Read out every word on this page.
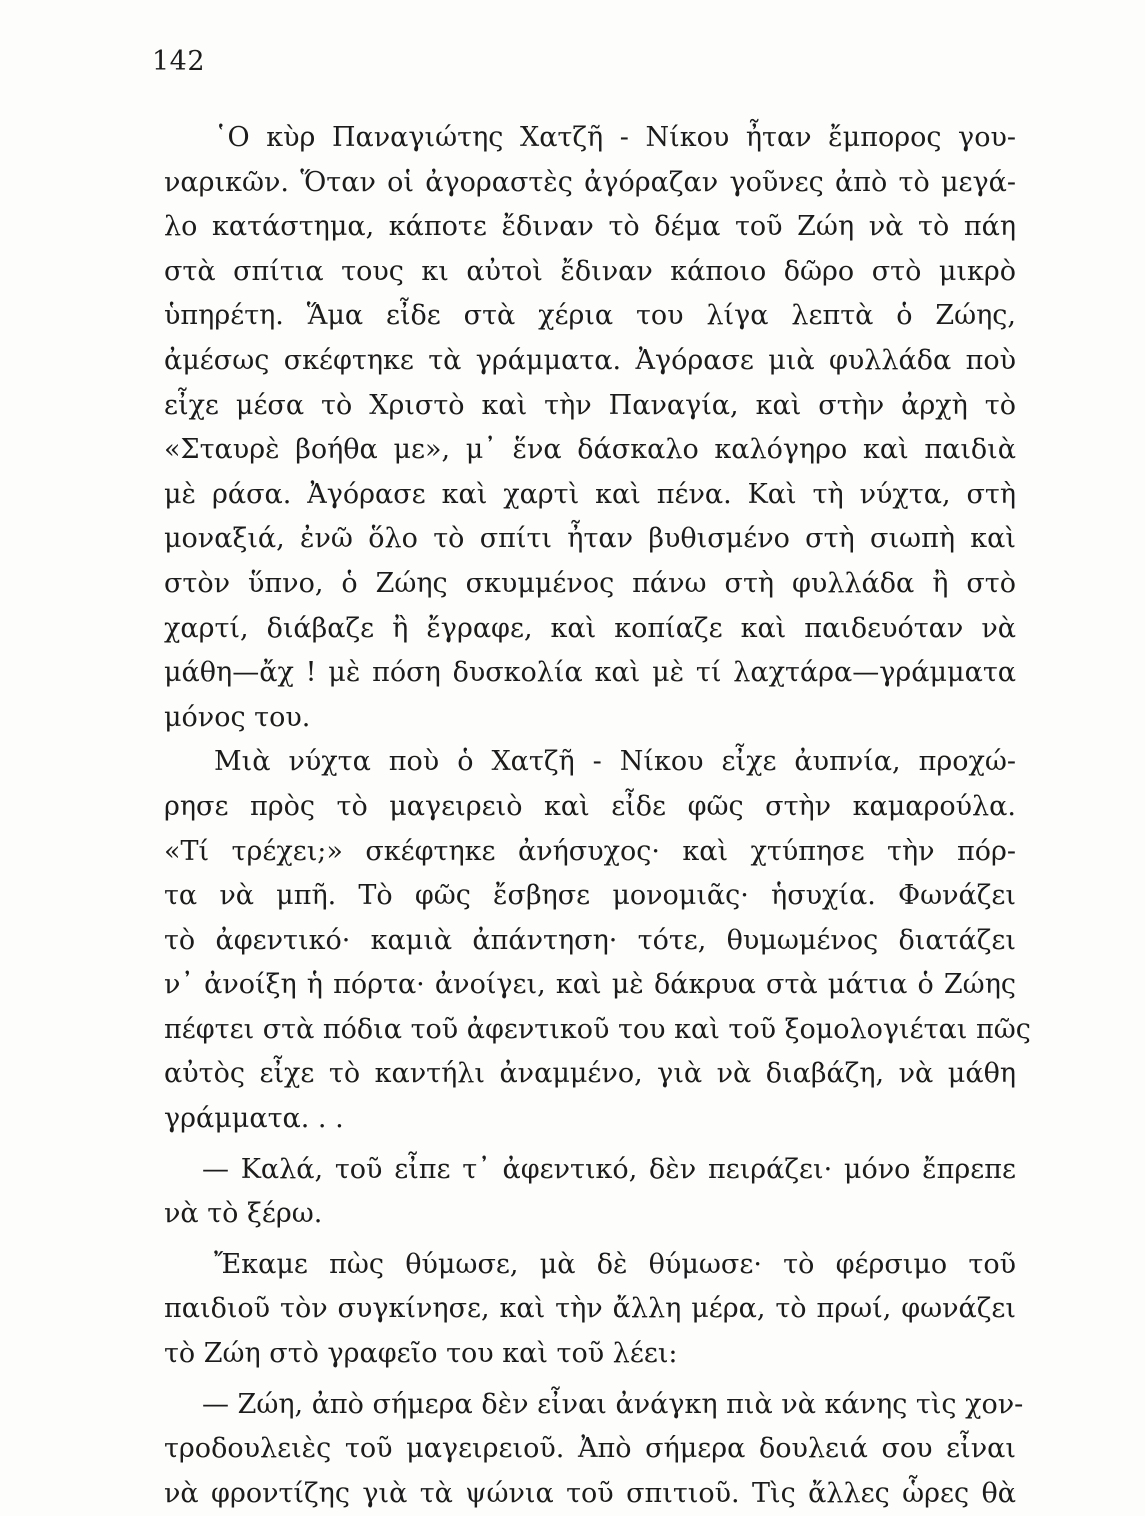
142
῾Ο κὺρ Παναγιώτης Χατζῆ - Νίκου ἦταν ἔμπορος γου-
ναρικῶν. Ὅταν οἱ ἀγοραστὲς ἀγόραζαν γοῦνες ἀπὸ τὸ μεγά-
λο κατάστημα, κάποτε ἔδιναν τὸ δέμα τοῦ Ζώη νὰ τὸ πάη
στὰ σπίτια τους κι αὐτοὶ ἔδιναν κάποιο δῶρο στὸ μικρὸ
ὑπηρέτη. Ἅμα εἶδε στὰ χέρια του λίγα λεπτὰ ὁ Ζώης,
ἀμέσως σκέφτηκε τὰ γράμματα. Ἀγόρασε μιὰ φυλλάδα ποὺ
εἶχε μέσα τὸ Χριστὸ καὶ τὴν Παναγία, καὶ στὴν ἀρχὴ τὸ
«Σταυρὲ βοήθα με», μ᾿ ἕνα δάσκαλο καλόγηρο καὶ παιδιὰ
μὲ ράσα. Ἀγόρασε καὶ χαρτὶ καὶ πένα. Καὶ τὴ νύχτα, στὴ
μοναξιά, ἐνῶ ὅλο τὸ σπίτι ἦταν βυθισμένο στὴ σιωπὴ καὶ
στὸν ὕπνο, ὁ Ζώης σκυμμένος πάνω στὴ φυλλάδα ἢ στὸ
χαρτί, διάβαζε ἢ ἔγραφε, καὶ κοπίαζε καὶ παιδευόταν νὰ
μάθη—ἄχ ! μὲ πόση δυσκολία καὶ μὲ τί λαχτάρα—γράμματα
μόνος του.
Μιὰ νύχτα ποὺ ὁ Χατζῆ - Νίκου εἶχε ἀυπνία, προχώ-
ρησε πρὸς τὸ μαγειρειὸ καὶ εἶδε φῶς στὴν καμαρούλα.
«Τί τρέχει;» σκέφτηκε ἀνήσυχος· καὶ χτύπησε τὴν πόρ-
τα νὰ μπῆ. Τὸ φῶς ἔσβησε μονομιᾶς· ἡσυχία. Φωνάζει
τὸ ἀφεντικό· καμιὰ ἀπάντηση· τότε, θυμωμένος διατάζει
ν᾿ ἀνοίξη ἡ πόρτα· ἀνοίγει, καὶ μὲ δάκρυα στὰ μάτια ὁ Ζώης
πέφτει στὰ πόδια τοῦ ἀφεντικοῦ του καὶ τοῦ ξομολογιέται πῶς
αὐτὸς εἶχε τὸ καντήλι ἀναμμένο, γιὰ νὰ διαβάζη, νὰ μάθη
γράμματα. . .
— Καλά, τοῦ εἶπε τ᾿ ἀφεντικό, δὲν πειράζει· μόνο ἔπρεπε
νὰ τὸ ξέρω.
Ἔκαμε πὼς θύμωσε, μὰ δὲ θύμωσε· τὸ φέρσιμο τοῦ
παιδιοῦ τὸν συγκίνησε, καὶ τὴν ἄλλη μέρα, τὸ πρωί, φωνάζει
τὸ Ζώη στὸ γραφεῖο του καὶ τοῦ λέει:
— Ζώη, ἀπὸ σήμερα δὲν εἶναι ἀνάγκη πιὰ νὰ κάνης τὶς χον-
τροδουλειὲς τοῦ μαγειρειοῦ. Ἀπὸ σήμερα δουλειά σου εἶναι
νὰ φροντίζης γιὰ τὰ ψώνια τοῦ σπιτιοῦ. Τὶς ἄλλες ὧρες θὰ
